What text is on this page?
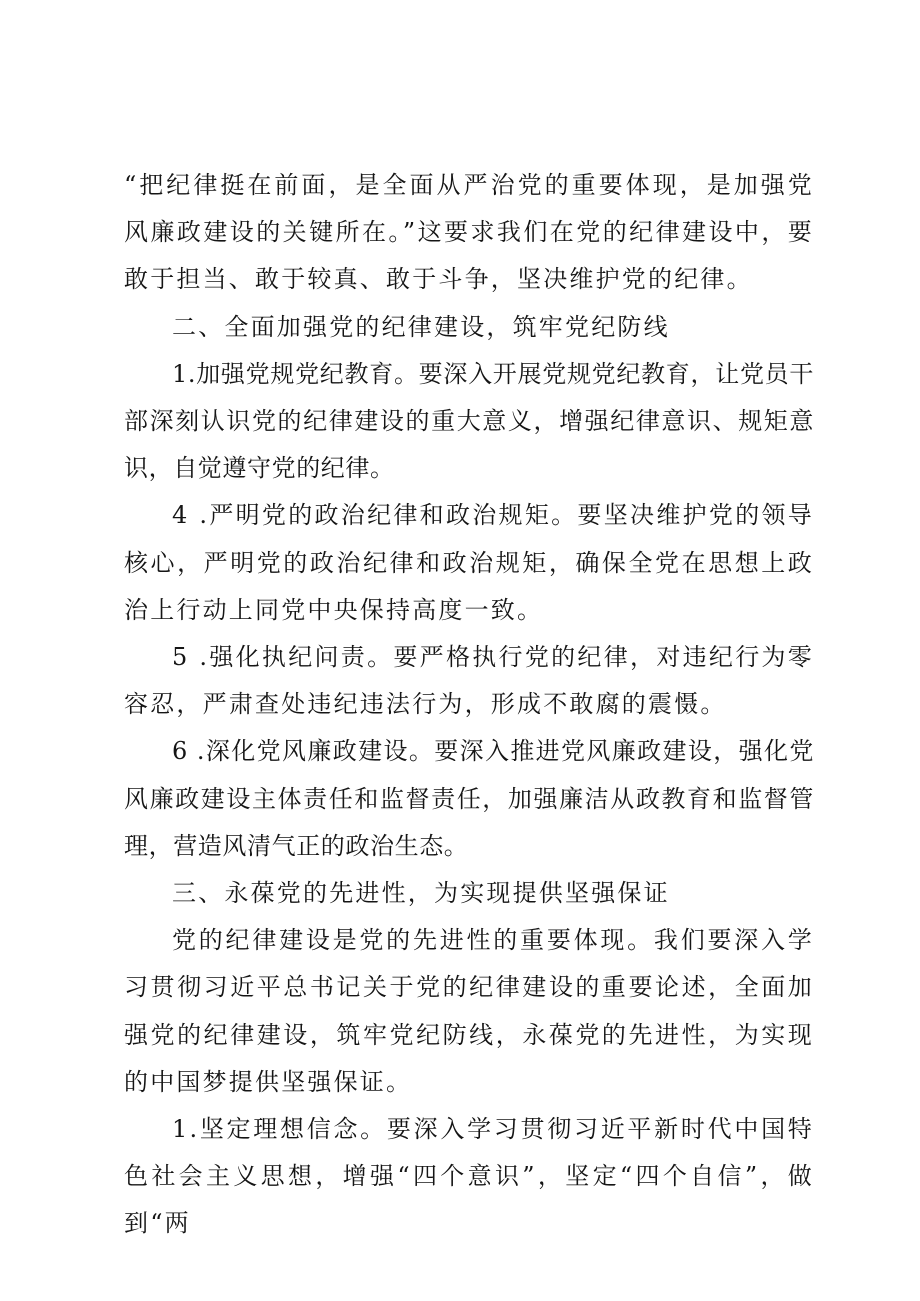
“把纪律挺在前面，是全面从严治党的重要体现，是加强党风廉政建设的关键所在。”这要求我们在党的纪律建设中，要敢于担当、敢于较真、敢于斗争，坚决维护党的纪律。

二、全面加强党的纪律建设，筑牢党纪防线

1.加强党规党纪教育。要深入开展党规党纪教育，让党员干部深刻认识党的纪律建设的重大意义，增强纪律意识、规矩意识，自觉遵守党的纪律。

4 .严明党的政治纪律和政治规矩。要坚决维护党的领导核心，严明党的政治纪律和政治规矩，确保全党在思想上政治上行动上同党中央保持高度一致。

5 .强化执纪问责。要严格执行党的纪律，对违纪行为零容忍，严肃查处违纪违法行为，形成不敢腐的震慑。

6 .深化党风廉政建设。要深入推进党风廉政建设，强化党风廉政建设主体责任和监督责任，加强廉洁从政教育和监督管理，营造风清气正的政治生态。

三、永葆党的先进性，为实现提供坚强保证

党的纪律建设是党的先进性的重要体现。我们要深入学习贯彻习近平总书记关于党的纪律建设的重要论述，全面加强党的纪律建设，筑牢党纪防线，永葆党的先进性，为实现的中国梦提供坚强保证。

1.坚定理想信念。要深入学习贯彻习近平新时代中国特色社会主义思想，增强“四个意识”，坚定“四个自信”，做到“两
